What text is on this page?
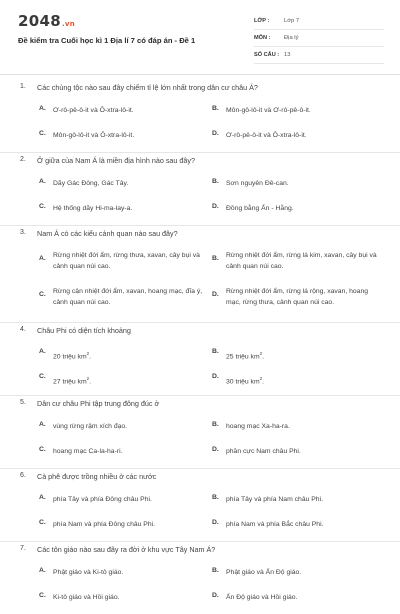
2048.vn
Đề kiểm tra Cuối học kì 1 Địa lí 7 có đáp án - Đề 1
LỚP :	Lớp 7
MÔN :	Địa lý
SỐ CÂU : 13
1. Các chủng tộc nào sau đây chiếm tỉ lệ lớn nhất trong dân cư châu Á?
A.	Ơ-rô-pê-ô-it và Ô-xtra-lô-it.	B.	Môn-gô-lô-it và Ơ-rô-pê-ô-it.
C.	Môn-gô-lô-it và Ô-xtra-lô-it.	D.	Ơ-rô-pê-ô-it và Ô-xtra-lô-it.
2. Ở giữa của Nam Á là miền địa hình nào sau đây?
A.	Dãy Gác Đông, Gác Tây.	B.	Sơn nguyên Đê-can.
C.	Hệ thống dãy Hi-ma-lay-a.	D.	Đồng bằng Ấn - Hằng.
3. Nam Á có các kiểu cảnh quan nào sau đây?
A.	Rừng nhiệt đới ẩm, rừng thưa, xavan, cây bụi và cảnh quan núi cao.
B.	Rừng nhiệt đới ẩm, rừng lá kim, xavan, cây bụi và cảnh quan núi cao.
C.	Rừng cận nhiệt đới ẩm, xavan, hoang mạc, đĩa ý, cảnh quan núi cao.
D.	Rừng nhiệt đới ẩm, rừng lá rộng, xavan, hoang mạc, rừng thưa, cảnh quan núi cao.
4. Châu Phi có diện tích khoảng
A.
20 triệu $km^2$.
B.
25 triệu $km^2$.
C.
27 triệu $km^2$.
D.
30 triệu $km^2$.
5. Dân cư châu Phi tập trung đông đúc ở
A.	vùng rừng rậm xích đạo.	B.	hoang mạc Xa-ha-ra.
C.	hoang mạc Ca-la-ha-ri.	D.	phần cực Nam châu Phi.
6. Cà phê được trồng nhiều ở các nước
A.	phía Tây và phía Đông châu Phi.	B.	phía Tây và phía Nam châu Phi.
C.	phía Nam và phía Đông châu Phi.	D.	phía Nam và phía Bắc châu Phi.
7. Các tôn giáo nào sau đây ra đời ở khu vực Tây Nam Á?
A.	Phật giáo và Ki-tô giáo.	B.	Phật giáo và Ấn Độ giáo.
C.	Ki-tô giáo và Hồi giáo.	D.	Ấn Độ giáo và Hồi giáo.
